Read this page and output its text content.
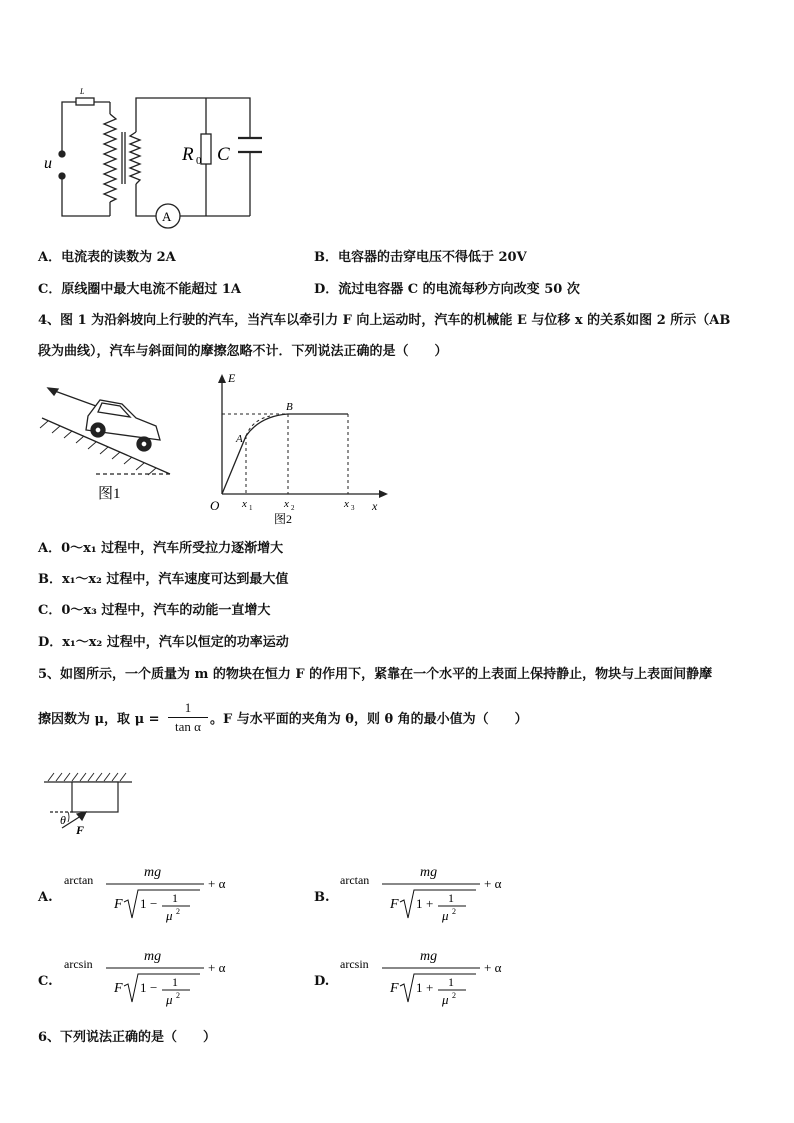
L
u	R 0 C
A
A．电流表的读数为 2A	B．电容器的击穿电压不得低于 20V
C．原线圈中最大电流不能超过 1A	D．流过电容器 C 的电流每秒方向改变 50 次
4、图 1 为沿斜坡向上行驶的汽车，当汽车以牵引力 F 向上运动时，汽车的机械能 E 与位移 x 的关系如图 2 所示（AB
段为曲线），汽车与斜面间的摩擦忽略不计．下列说法正确的是（　　）
图1
E
x
O
A
B
x 1	x 2	x 3
图2
A．0～x₁ 过程中，汽车所受拉力逐渐增大
B．x₁～x₂ 过程中，汽车速度可达到最大值
C．0～x₃ 过程中，汽车的动能一直增大
D．x₁～x₂ 过程中，汽车以恒定的功率运动
5、如图所示，一个质量为 m 的物块在恒力 F 的作用下，紧靠在一个水平的上表面上保持静止，物块与上表面间静摩
擦因数为 μ，取 μ =
1
tan α 。F 与水平面的夹角为 θ，则 θ 角的最小值为（　　）
θ
F
A.
arctan	mg
+ α
F 1 − 1
μ 2
B.
arctan	mg
+ α
F 1 + 1
μ 2
C.
arcsin	mg
+ α
F 1 − 1
μ 2
D.
arcsin	mg
+ α
F 1 + 1
μ 2
6、下列说法正确的是（　　）
